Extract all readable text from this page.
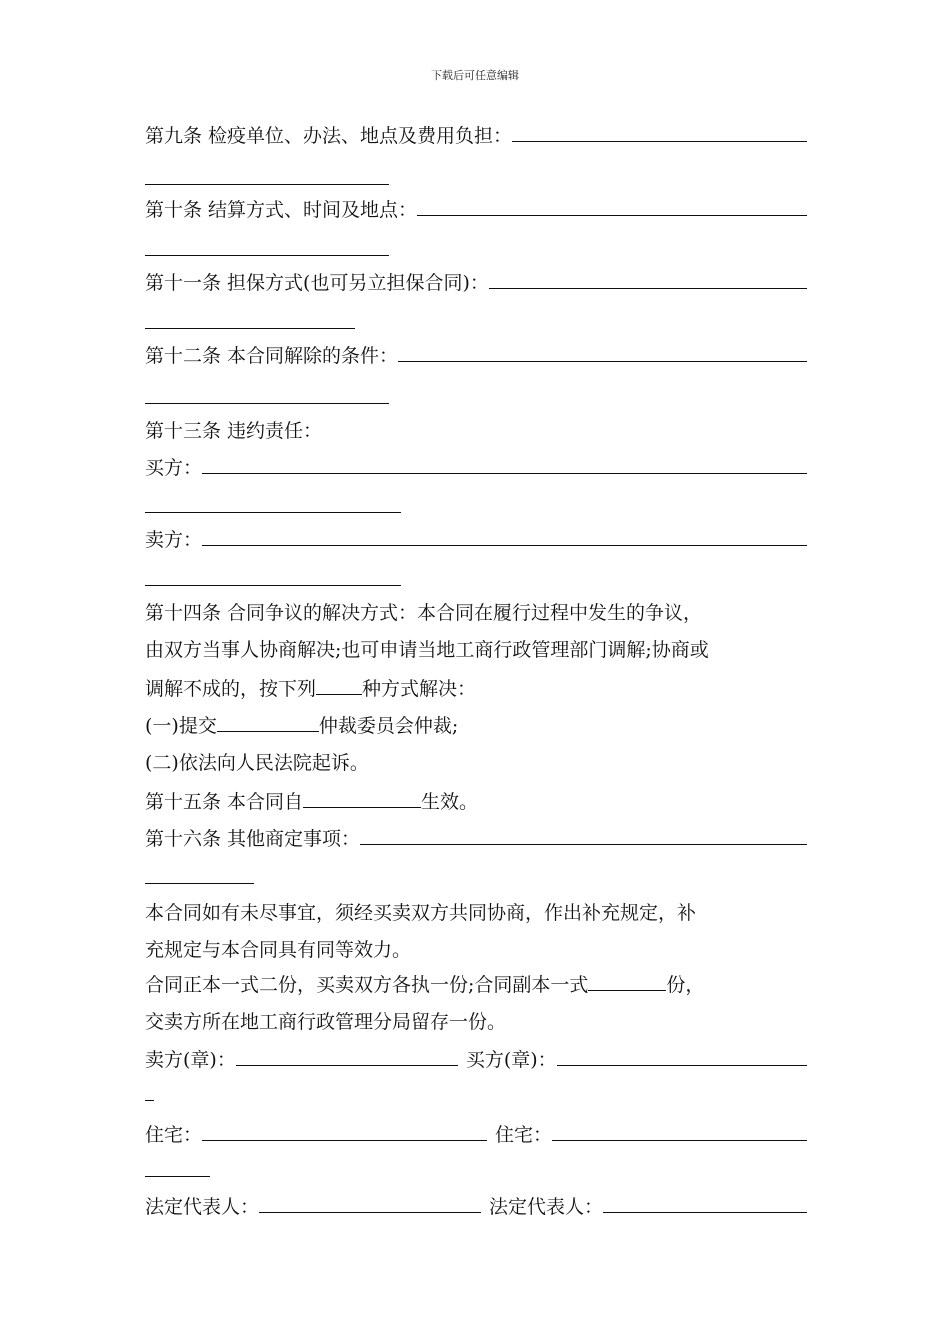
下载后可任意编辑
第九条 检疫单位、办法、地点及费用负担：
第十条 结算方式、时间及地点：
第十一条 担保方式(也可另立担保合同)：
第十二条 本合同解除的条件：
第十三条 违约责任：
买方：
卖方：
第十四条 合同争议的解决方式：本合同在履行过程中发生的争议，
由双方当事人协商解决;也可申请当地工商行政管理部门调解;协商或
调解不成的，按下列 种方式解决：
(一)提交	仲裁委员会仲裁;
(二)依法向人民法院起诉。
第十五条 本合同自	生效。
第十六条 其他商定事项：
本合同如有未尽事宜，须经买卖双方共同协商，作出补充规定，补
充规定与本合同具有同等效力。
合同正本一式二份，买卖双方各执一份;合同副本一式	份，
交卖方所在地工商行政管理分局留存一份。
卖方(章)：	买方(章)：
住宅：	住宅：
法定代表人：	法定代表人：
